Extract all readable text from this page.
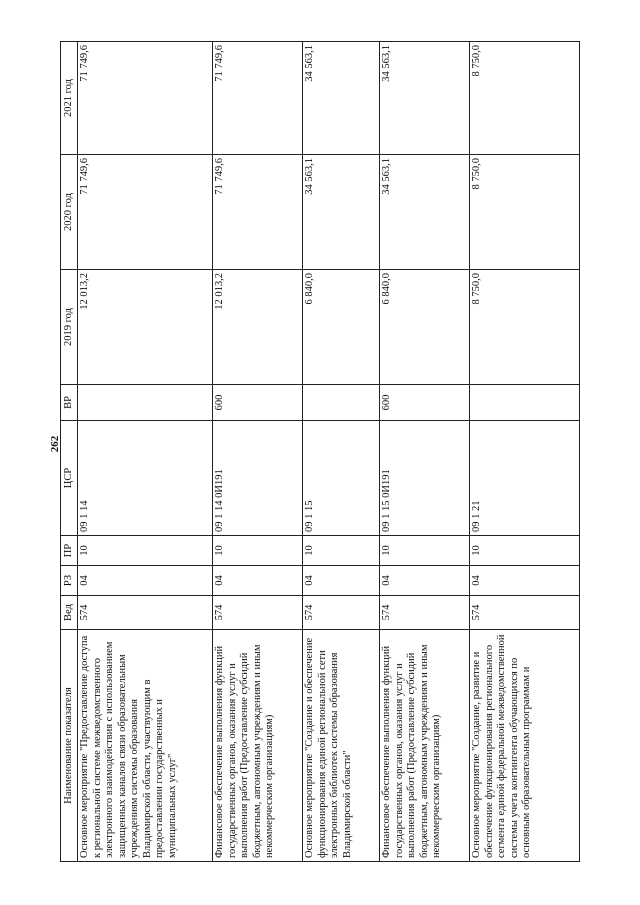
262
Наименование показателя	Вед	РЗ	ПР	ЦСР	ВР	2019 год	2020 год	2021 год
Основное мероприятие "Предоставление доступа к региональной системе межведомственного электронного взаимодействия с использованием защищенных каналов связи образовательным учреждениям системы образования Владимирской области, участвующим в предоставлении государственных и муниципальных услуг"	574	04	10	09 1 14		12 013,2	71 749,6	71 749,6
Финансовое обеспечение выполнения функций государственных органов, оказания услуг и выполнения работ (Предоставление субсидий бюджетным, автономным учреждениям и иным некоммерческим организациям)	574	04	10	09 1 14 0И191	600	12 013,2	71 749,6	71 749,6
Основное мероприятие "Создание и обеспечение функционирования единой региональной сети электронных библиотек системы образования Владимирской области"	574	04	10	09 1 15		6 840,0	34 563,1	34 563,1
Финансовое обеспечение выполнения функций государственных органов, оказания услуг и выполнения работ (Предоставление субсидий бюджетным, автономным учреждениям и иным некоммерческим организациям)	574	04	10	09 1 15 0И191	600	6 840,0	34 563,1	34 563,1
Основное мероприятие "Создание, развитие и обеспечение функционирования регионального сегмента единой федеральной межведомственной системы учета контингента обучающихся по основным образовательным программам и	574	04	10	09 1 21		8 750,0	8 750,0	8 750,0
